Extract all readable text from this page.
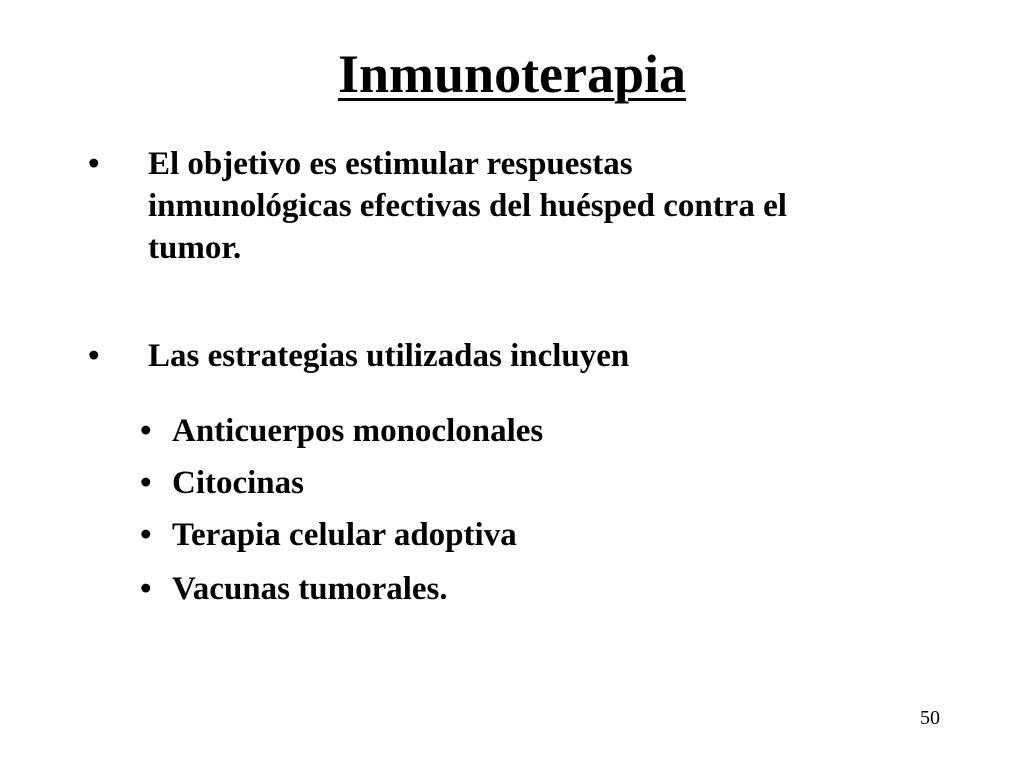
Inmunoterapia
• El objetivo es estimular respuestas
inmunológicas efectivas del huésped contra el
tumor.
• Las estrategias utilizadas incluyen
• Anticuerpos monoclonales
• Citocinas
• Terapia celular adoptiva
• Vacunas tumorales.
50
